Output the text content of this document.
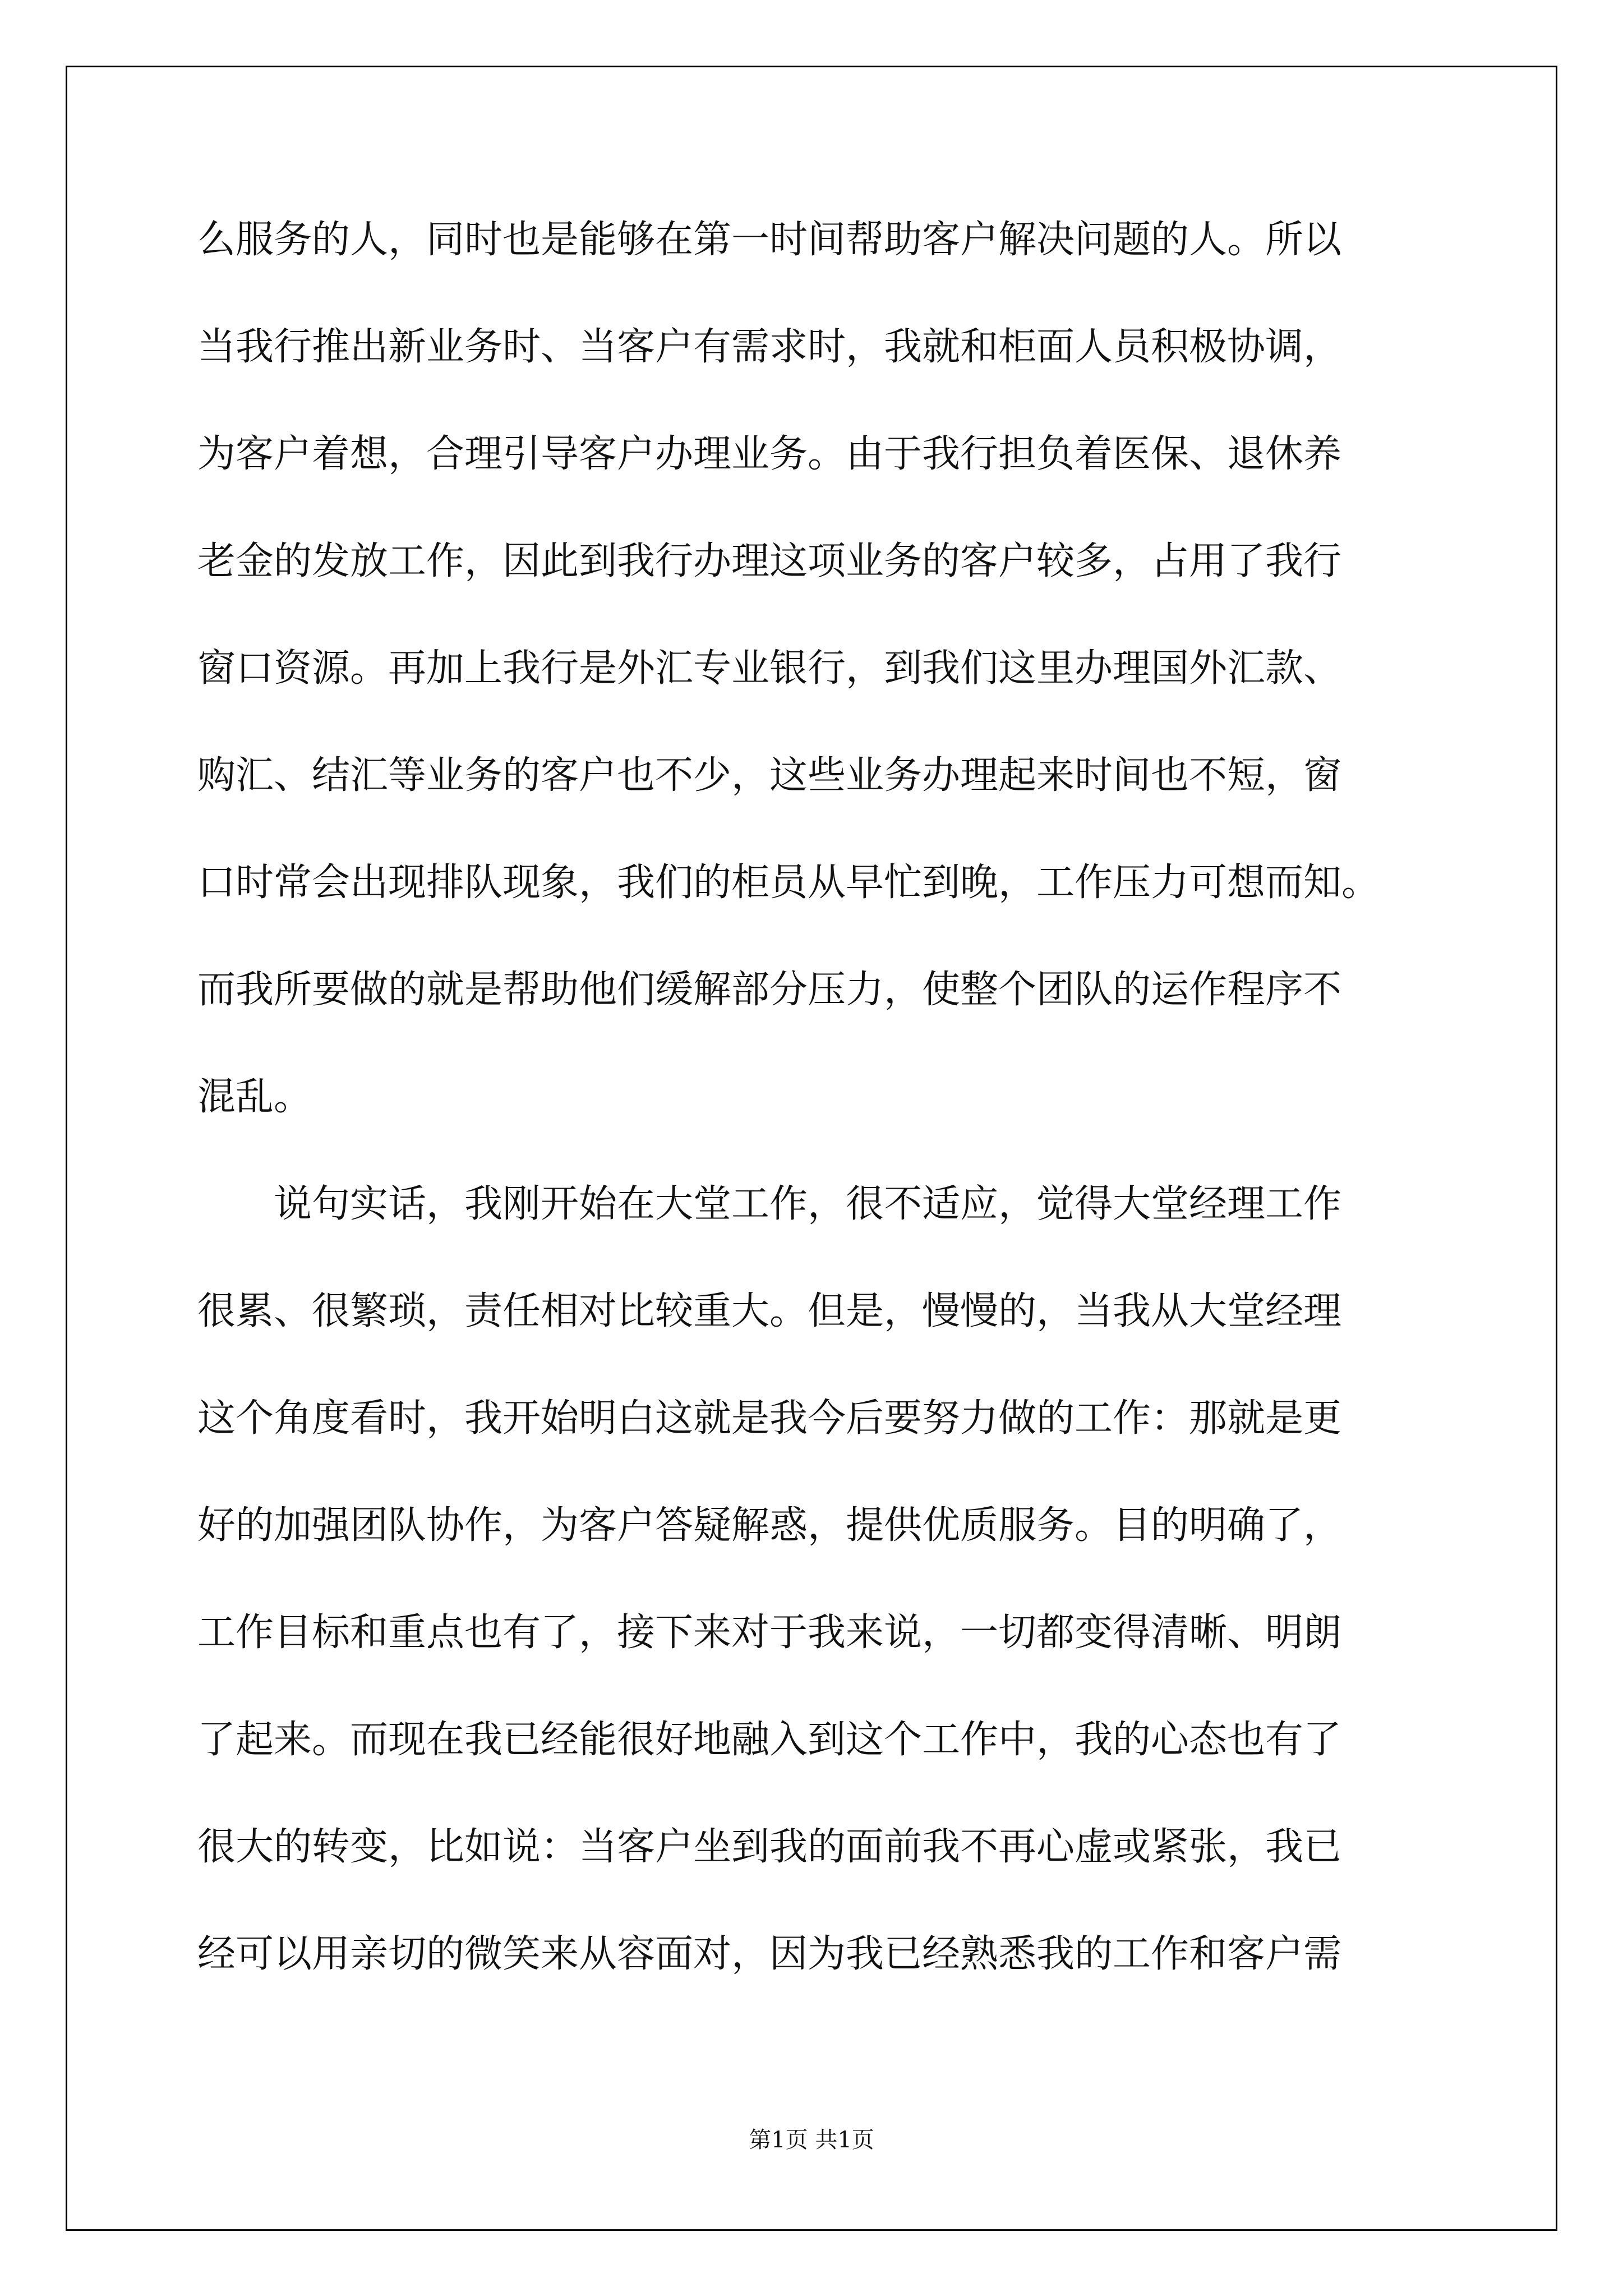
么服务的人，同时也是能够在第一时间帮助客户解决问题的人。所以
当我行推出新业务时、当客户有需求时，我就和柜面人员积极协调，
为客户着想，合理引导客户办理业务。由于我行担负着医保、退休养
老金的发放工作，因此到我行办理这项业务的客户较多，占用了我行
窗口资源。再加上我行是外汇专业银行，到我们这里办理国外汇款、
购汇、结汇等业务的客户也不少，这些业务办理起来时间也不短，窗
口时常会出现排队现象，我们的柜员从早忙到晚，工作压力可想而知。
而我所要做的就是帮助他们缓解部分压力，使整个团队的运作程序不
混乱。
说句实话，我刚开始在大堂工作，很不适应，觉得大堂经理工作
很累、很繁琐，责任相对比较重大。但是，慢慢的，当我从大堂经理
这个角度看时，我开始明白这就是我今后要努力做的工作：那就是更
好的加强团队协作，为客户答疑解惑，提供优质服务。目的明确了，
工作目标和重点也有了，接下来对于我来说，一切都变得清晰、明朗
了起来。而现在我已经能很好地融入到这个工作中，我的心态也有了
很大的转变，比如说：当客户坐到我的面前我不再心虚或紧张，我已
经可以用亲切的微笑来从容面对，因为我已经熟悉我的工作和客户需
第1页 共1页
